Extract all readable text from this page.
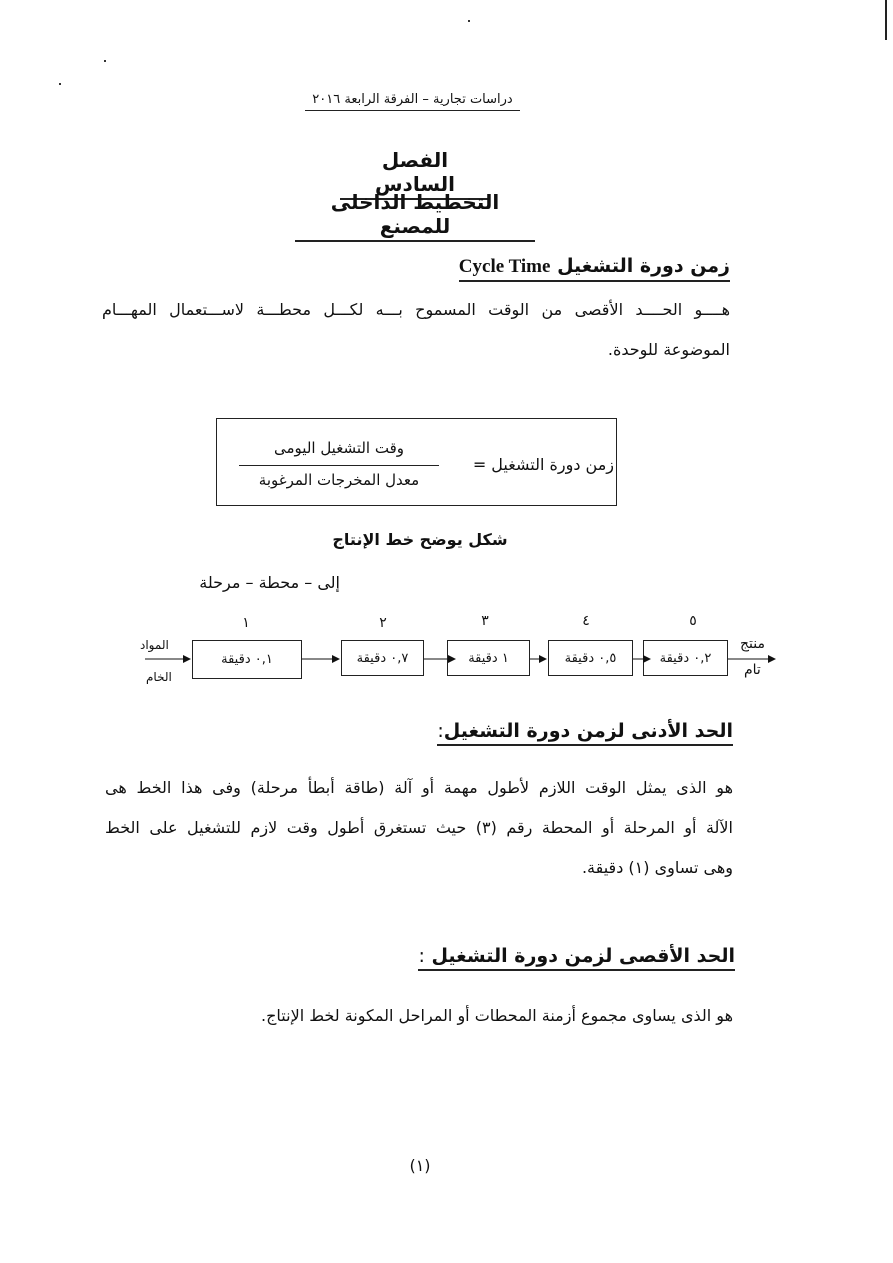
دراسات تجارية – الفرقة الرابعة ٢٠١٦
الفصل السادس
التخطيط الداخلى للمصنع
زمن دورة التشغيل Cycle Time
هــــو الحــــد الأقصى من الوقت المسموح بـــه لكـــل محطـــة لاســـتعمال المهـــام
الموضوعة للوحدة.
وقت التشغيل اليومى
معدل المخرجات المرغوبة
زمن دورة التشغيل =
شكل يوضح خط الإنتاج
إلى – محطة – مرحلة
١	٢	٣	٤	٥
٠,١ دقيقة	٠,٧ دقيقة	١ دقيقة	٠,٥ دقيقة	٠,٢ دقيقة
المواد
الخام
منتج
تام
الحد الأدنى لزمن دورة التشغيل:
هو الذى يمثل الوقت اللازم لأطول مهمة أو آلة (طاقة أبطأ مرحلة) وفى هذا الخط هى
الآلة أو المرحلة أو المحطة رقم (٣) حيث تستغرق أطول وقت لازم للتشغيل على الخط
وهى تساوى (١) دقيقة.
الحد الأقصى لزمن دورة التشغيل :
هو الذى يساوى مجموع أزمنة المحطات أو المراحل المكونة لخط الإنتاج.
(١)
